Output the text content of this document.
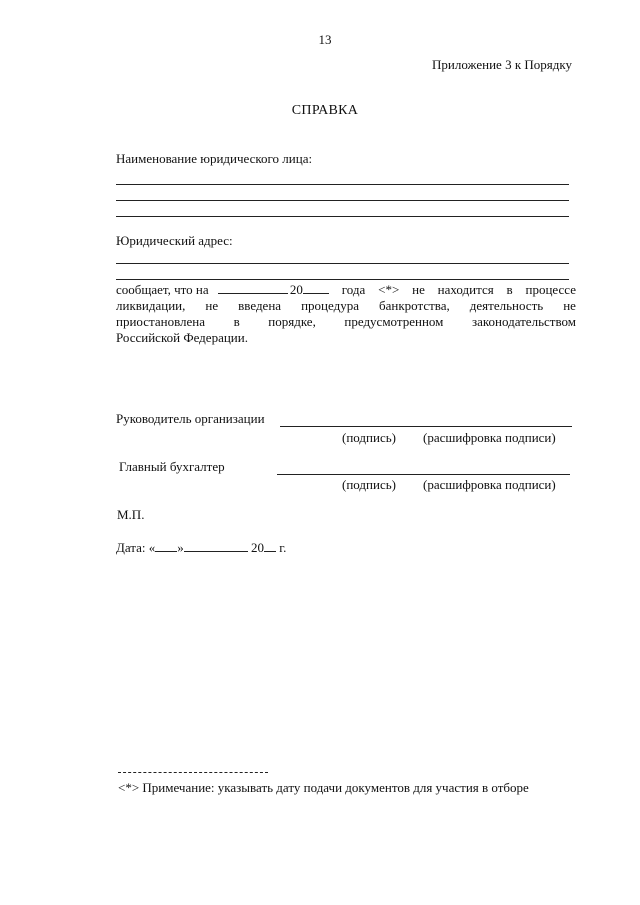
13
Приложение 3 к Порядку
СПРАВКА
Наименование юридического лица:
Юридический адрес:
сообщает, что на	20	года <*> не находится в процессе
ликвидации, не введена процедура банкротства, деятельность не
приостановлена в порядке, предусмотренном законодательством
Российской Федерации.
Руководитель организации
(подпись) (расшифровка подписи)
Главный бухгалтер
(подпись) (расшифровка подписи)
М.П.
Дата: « »	20 г.
<*> Примечание: указывать дату подачи документов для участия в отборе
